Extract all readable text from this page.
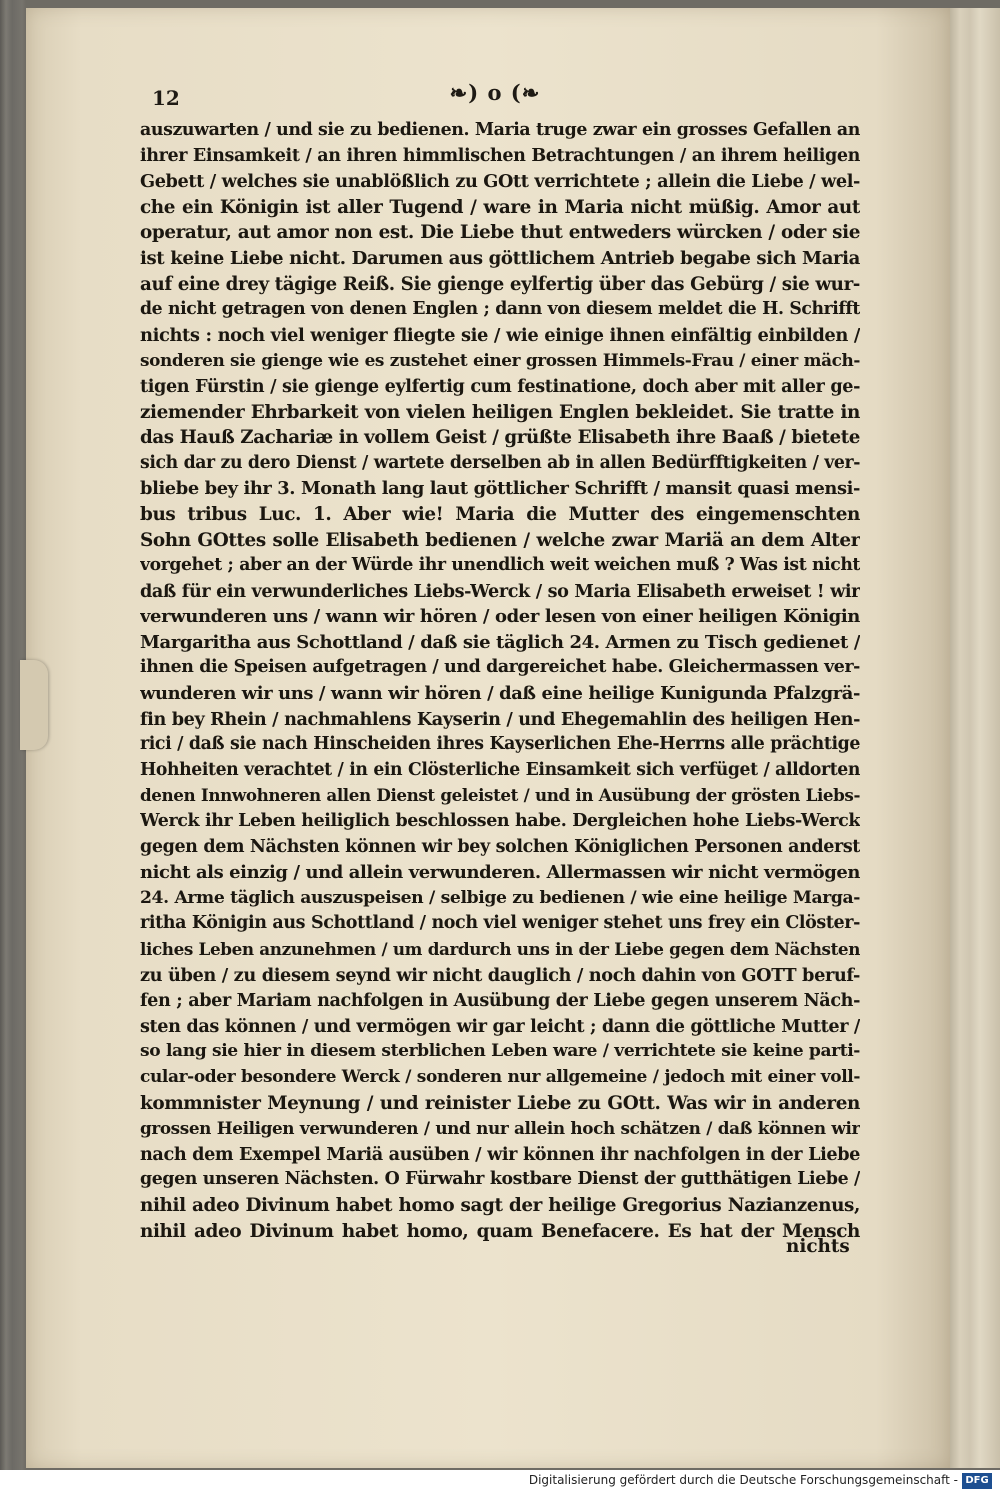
12	❧) o (❧
auszuwarten / und sie zu bedienen. Maria truge zwar ein grosses Gefallen an
ihrer Einsamkeit / an ihren himmlischen Betrachtungen / an ihrem heiligen
Gebett / welches sie unablößlich zu GOtt verrichtete ; allein die Liebe / wel-
che ein Königin ist aller Tugend / ware in Maria nicht müßig. Amor aut
operatur, aut amor non est. Die Liebe thut entweders würcken / oder sie
ist keine Liebe nicht. Darumen aus göttlichem Antrieb begabe sich Maria
auf eine drey tägige Reiß. Sie gienge eylfertig über das Gebürg / sie wur-
de nicht getragen von denen Englen ; dann von diesem meldet die H. Schrifft
nichts : noch viel weniger fliegte sie / wie einige ihnen einfältig einbilden /
sonderen sie gienge wie es zustehet einer grossen Himmels-Frau / einer mäch-
tigen Fürstin / sie gienge eylfertig cum festinatione, doch aber mit aller ge-
ziemender Ehrbarkeit von vielen heiligen Englen bekleidet. Sie tratte in
das Hauß Zachariæ in vollem Geist / grüßte Elisabeth ihre Baaß / bietete
sich dar zu dero Dienst / wartete derselben ab in allen Bedürfftigkeiten / ver-
bliebe bey ihr 3. Monath lang laut göttlicher Schrifft / mansit quasi mensi-
bus tribus Luc. 1. Aber wie! Maria die Mutter des eingemenschten
Sohn GOttes solle Elisabeth bedienen / welche zwar Mariä an dem Alter
vorgehet ; aber an der Würde ihr unendlich weit weichen muß ? Was ist nicht
daß für ein verwunderliches Liebs-Werck / so Maria Elisabeth erweiset ! wir
verwunderen uns / wann wir hören / oder lesen von einer heiligen Königin
Margaritha aus Schottland / daß sie täglich 24. Armen zu Tisch gedienet /
ihnen die Speisen aufgetragen / und dargereichet habe. Gleichermassen ver-
wunderen wir uns / wann wir hören / daß eine heilige Kunigunda Pfalzgrä-
fin bey Rhein / nachmahlens Kayserin / und Ehegemahlin des heiligen Hen-
rici / daß sie nach Hinscheiden ihres Kayserlichen Ehe-Herrns alle prächtige
Hohheiten verachtet / in ein Clösterliche Einsamkeit sich verfüget / alldorten
denen Innwohneren allen Dienst geleistet / und in Ausübung der grösten Liebs-
Werck ihr Leben heiliglich beschlossen habe. Dergleichen hohe Liebs-Werck
gegen dem Nächsten können wir bey solchen Königlichen Personen anderst
nicht als einzig / und allein verwunderen. Allermassen wir nicht vermögen
24. Arme täglich auszuspeisen / selbige zu bedienen / wie eine heilige Marga-
ritha Königin aus Schottland / noch viel weniger stehet uns frey ein Clöster-
liches Leben anzunehmen / um dardurch uns in der Liebe gegen dem Nächsten
zu üben / zu diesem seynd wir nicht dauglich / noch dahin von GOTT beruf-
fen ; aber Mariam nachfolgen in Ausübung der Liebe gegen unserem Näch-
sten das können / und vermögen wir gar leicht ; dann die göttliche Mutter /
so lang sie hier in diesem sterblichen Leben ware / verrichtete sie keine parti-
cular-oder besondere Werck / sonderen nur allgemeine / jedoch mit einer voll-
kommnister Meynung / und reinister Liebe zu GOtt. Was wir in anderen
grossen Heiligen verwunderen / und nur allein hoch schätzen / daß können wir
nach dem Exempel Mariä ausüben / wir können ihr nachfolgen in der Liebe
gegen unseren Nächsten. O Fürwahr kostbare Dienst der gutthätigen Liebe /
nihil adeo Divinum habet homo sagt der heilige Gregorius Nazianzenus,
nihil adeo Divinum habet homo, quam Benefacere. Es hat der Mensch
nichts
Digitalisierung gefördert durch die Deutsche Forschungsgemeinschaft - DFG
